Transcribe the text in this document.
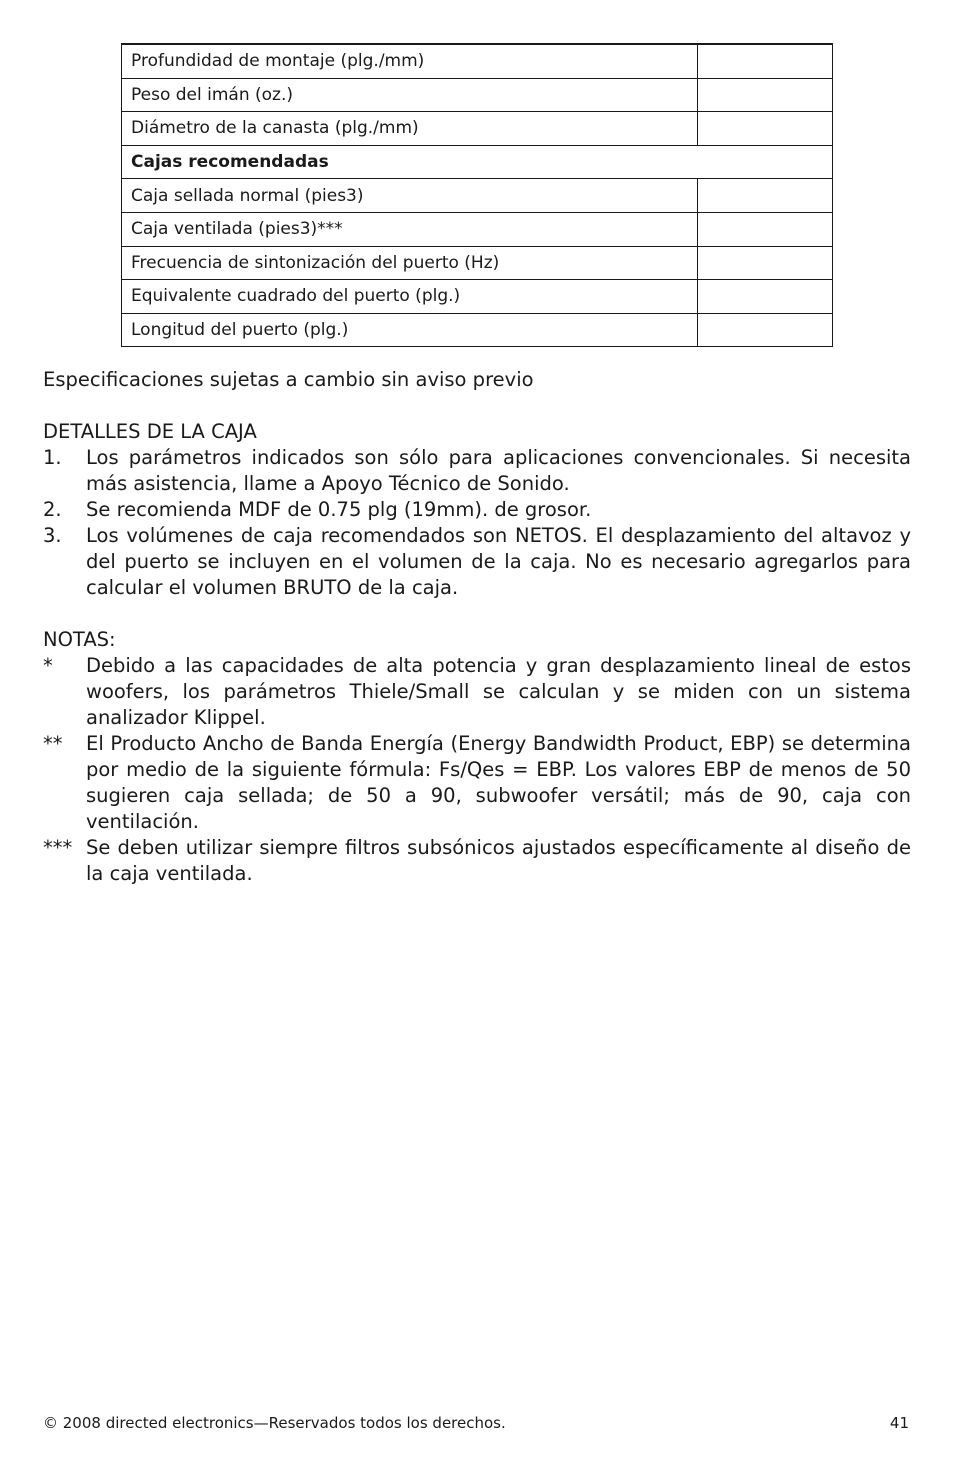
Profundidad de montaje (plg./mm)	
Peso del imán (oz.)	
Diámetro de la canasta (plg./mm)	
Cajas recomendadas	
Caja sellada normal (pies3)	
Caja ventilada (pies3)***	
Frecuencia de sintonización del puerto (Hz)	
Equivalente cuadrado del puerto (plg.)	
Longitud del puerto (plg.)	

Especificaciones sujetas a cambio sin aviso previo

DETALLES DE LA CAJA

1.	Los parámetros indicados son sólo para aplicaciones convencionales. Si necesita más asistencia, llame a Apoyo Técnico de Sonido.
2.	Se recomienda MDF de 0.75 plg (19mm). de grosor.
3.	Los volúmenes de caja recomendados son NETOS. El desplazamiento del altavoz y del puerto se incluyen en el volumen de la caja. No es necesario agregarlos para calcular el volumen BRUTO de la caja.

NOTAS:

*	Debido a las capacidades de alta potencia y gran desplazamiento lineal de estos woofers, los parámetros Thiele/Small se calculan y se miden con un sistema analizador Klippel.
**	El Producto Ancho de Banda Energía (Energy Bandwidth Product, EBP) se determina por medio de la siguiente fórmula: Fs/Qes = EBP. Los valores EBP de menos de 50 sugieren caja sellada; de 50 a 90, subwoofer versátil; más de 90, caja con ventilación.
*** Se deben utilizar siempre filtros subsónicos ajustados específicamente al diseño de la caja ventilada.
© 2008 directed electronics—Reservados todos los derechos.	41
